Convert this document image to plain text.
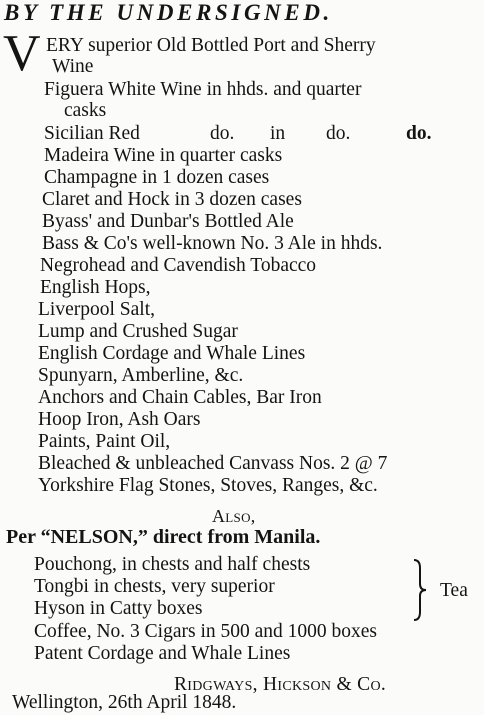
BY THE UNDERSIGNED.
V ERY superior Old Bottled Port and Sherry
Wine
Figuera White Wine in hhds. and quarter
casks
Sicilian Red	do. in do.	do.
Madeira Wine in quarter casks
Champagne in 1 dozen cases
Claret and Hock in 3 dozen cases
Byass' and Dunbar's Bottled Ale
Bass & Co's well-known No. 3 Ale in hhds.
Negrohead and Cavendish Tobacco
English Hops,
Liverpool Salt,
Lump and Crushed Sugar
English Cordage and Whale Lines
Spunyarn, Amberline, &c.
Anchors and Chain Cables, Bar Iron
Hoop Iron, Ash Oars
Paints, Paint Oil,
Bleached & unbleached Canvass Nos. 2 @ 7
Yorkshire Flag Stones, Stoves, Ranges, &c.
Also,
Per “NELSON,” direct from Manila.
Pouchong, in chests and half chests
Tongbi in chests, very superior
Hyson in Catty boxes
Tea
Coffee, No. 3 Cigars in 500 and 1000 boxes
Patent Cordage and Whale Lines
Ridgways, Hickson & Co.
Wellington, 26th April 1848.
